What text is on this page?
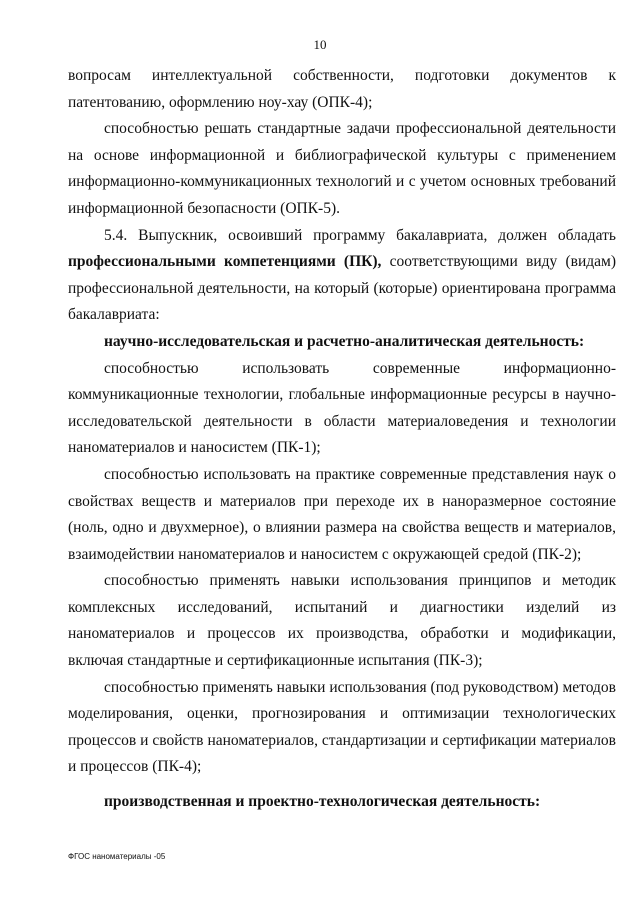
10

вопросам интеллектуальной собственности, подготовки документов к патентованию, оформлению ноу-хау (ОПК-4);

способностью решать стандартные задачи профессиональной деятельности на основе информационной и библиографической культуры с применением информационно-коммуникационных технологий и с учетом основных требований информационной безопасности (ОПК-5).

5.4. Выпускник, освоивший программу бакалавриата, должен обладать профессиональными компетенциями (ПК), соответствующими виду (видам) профессиональной деятельности, на который (которые) ориентирована программа бакалавриата:

научно-исследовательская и расчетно-аналитическая деятельность:

способностью использовать современные информационно-коммуникационные технологии, глобальные информационные ресурсы в научно-исследовательской деятельности в области материаловедения и технологии наноматериалов и наносистем (ПК-1);

способностью использовать на практике современные представления наук о свойствах веществ и материалов при переходе их в наноразмерное состояние (ноль, одно и двухмерное), о влиянии размера на свойства веществ и материалов, взаимодействии наноматериалов и наносистем с окружающей средой (ПК-2);

способностью применять навыки использования принципов и методик комплексных исследований, испытаний и диагностики изделий из наноматериалов и процессов их производства, обработки и модификации, включая стандартные и сертификационные испытания (ПК-3);

способностью применять навыки использования (под руководством) методов моделирования, оценки, прогнозирования и оптимизации технологических процессов и свойств наноматериалов, стандартизации и сертификации материалов и процессов (ПК-4);

производственная и проектно-технологическая деятельность:

ФГОС наноматериалы -05
